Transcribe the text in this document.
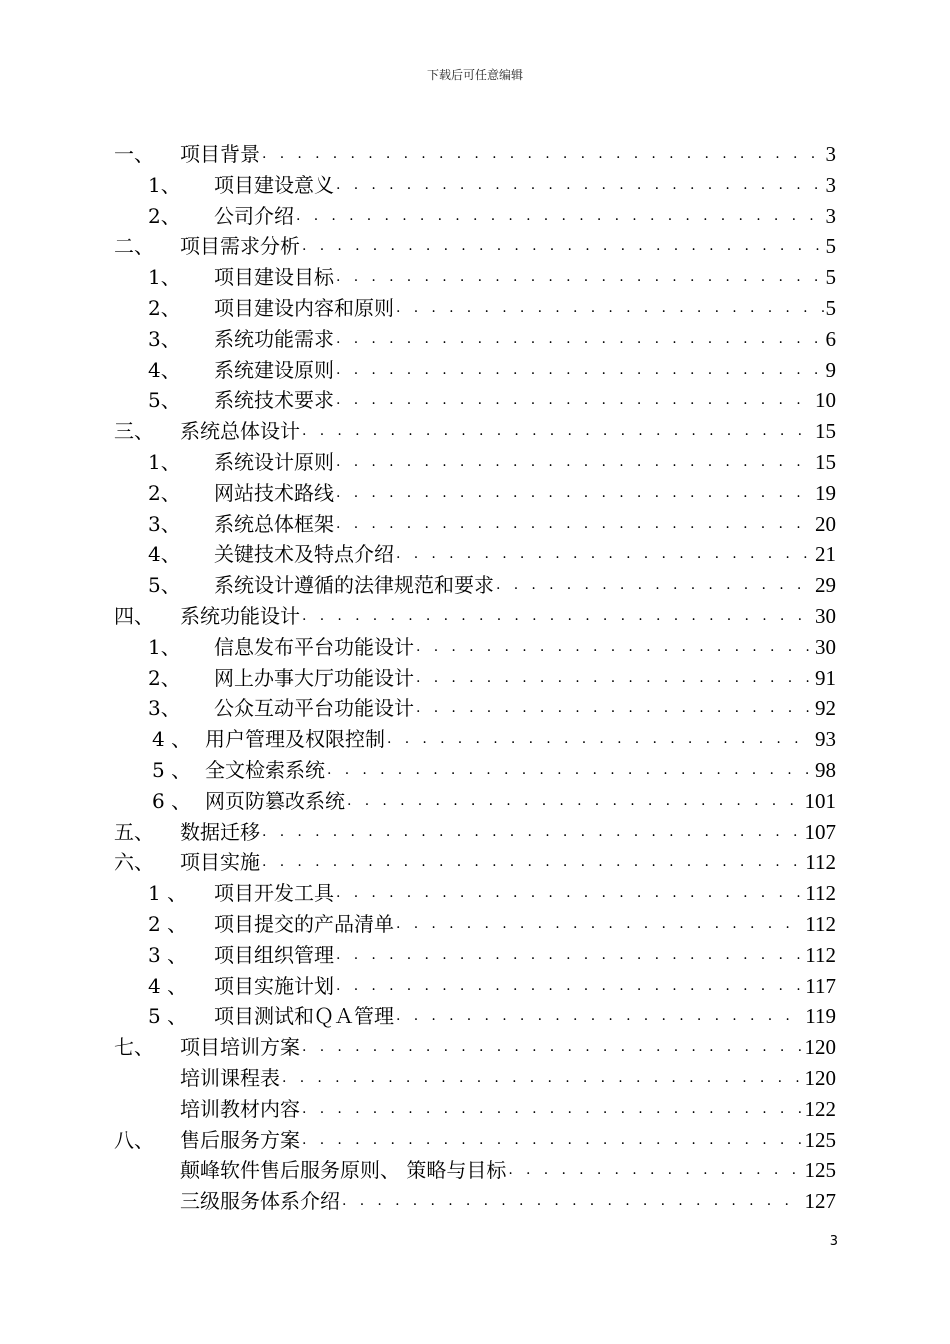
下载后可任意编辑
一、	项目背景 . . .	3
1、	项目建设意义 . . .	3
2、	公司介绍 . . .	3
二、	项目需求分析 . . .	5
1、	项目建设目标 . . .	5
2、	项目建设内容和原则 . . .	5
3、	系统功能需求 . . .	6
4、	系统建设原则 . . .	9
5、	系统技术要求 . . .	10
三、	系统总体设计 . . .	15
1、	系统设计原则 . . .	15
2、	网站技术路线 . . .	19
3、	系统总体框架 . . .	20
4、	关键技术及特点介绍 . . .	21
5、	系统设计遵循的法律规范和要求 . . .	29
四、	系统功能设计 . . .	30
1、	信息发布平台功能设计 . . .	30
2、	网上办事大厅功能设计 . . .	91
3、	公众互动平台功能设计 . . .	92
4 、 用户管理及权限控制 . . .	93
5 、 全文检索系统 . . .	98
6 、 网页防篡改系统 . . .	101
五、	数据迁移 . . .	107
六、	项目实施 . . .	112
1 、	项目开发工具 . . .	112
2 、	项目提交的产品清单 . . .	112
3 、	项目组织管理 . . .	112
4 、	项目实施计划 . . .	117
5 、	项目测试和ＱＡ管理 . . .	119
七、	项目培训方案 . . .	120
培训课程表 . . .	120
培训教材内容 . . .	122
八、	售后服务方案 . . .	125
颠峰软件售后服务原则、 策略与目标 . . .	125
三级服务体系介绍 . . .	127
3
